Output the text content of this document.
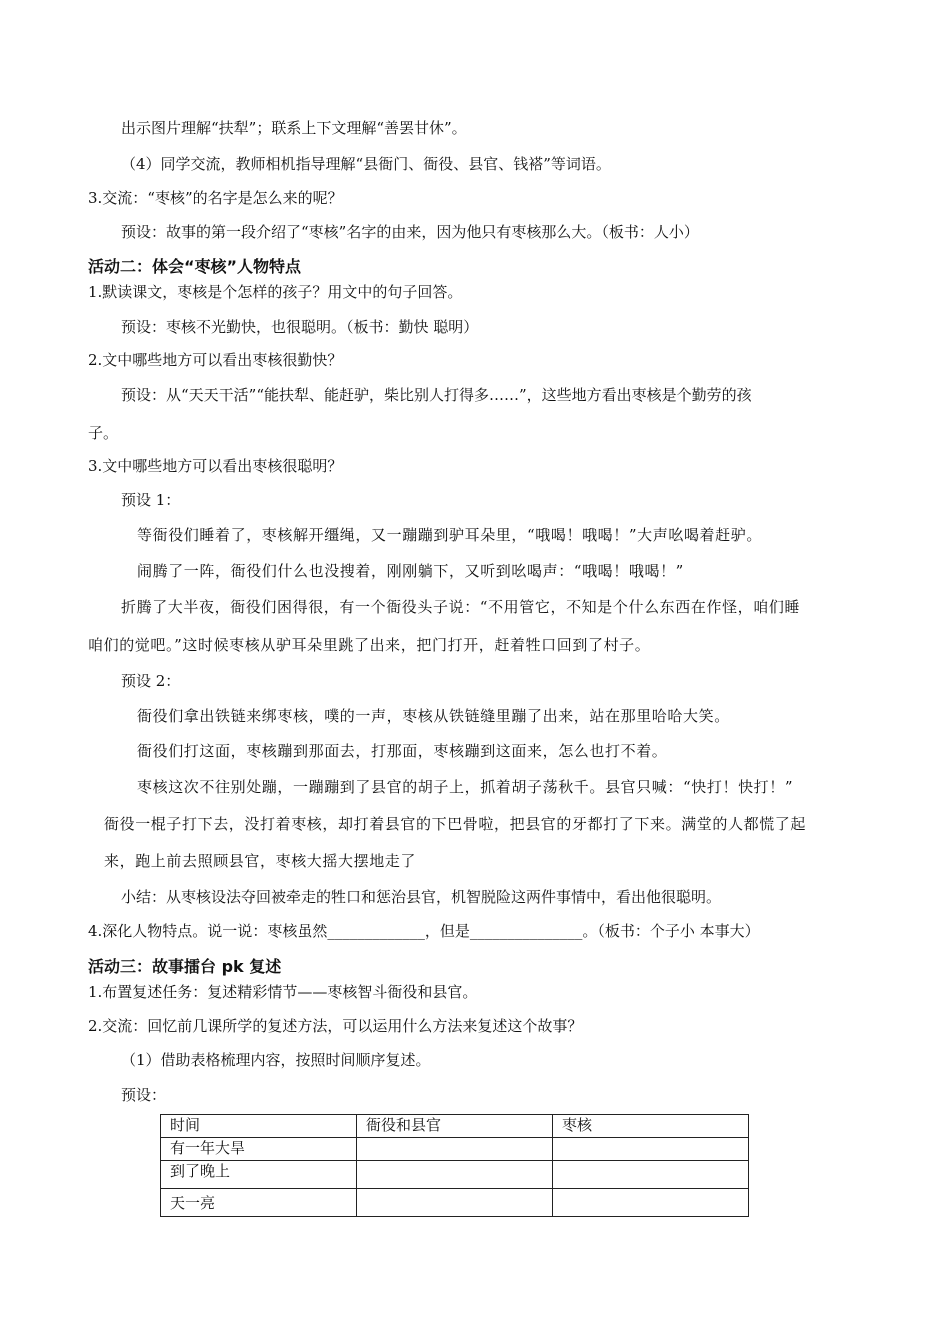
出示图片理解“扶犁”；联系上下文理解“善罢甘休”。
（4）同学交流，教师相机指导理解“县衙门、衙役、县官、钱褡”等词语。
3.交流：“枣核”的名字是怎么来的呢？
预设：故事的第一段介绍了“枣核”名字的由来，因为他只有枣核那么大。（板书：人小）
活动二：体会“枣核”人物特点
1.默读课文，枣核是个怎样的孩子？用文中的句子回答。
预设：枣核不光勤快，也很聪明。（板书：勤快 聪明）
2.文中哪些地方可以看出枣核很勤快？
预设：从“天天干活”“能扶犁、能赶驴，柴比别人打得多……”，这些地方看出枣核是个勤劳的孩
子。
3.文中哪些地方可以看出枣核很聪明？
预设 1：
等衙役们睡着了，枣核解开缰绳，又一蹦蹦到驴耳朵里，“哦喝！哦喝！”大声吆喝着赶驴。
闹腾了一阵，衙役们什么也没搜着，刚刚躺下，又听到吆喝声：“哦喝！哦喝！”
折腾了大半夜，衙役们困得很，有一个衙役头子说：“不用管它，不知是个什么东西在作怪，咱们睡
咱们的觉吧。”这时候枣核从驴耳朵里跳了出来，把门打开，赶着牲口回到了村子。
预设 2：
衙役们拿出铁链来绑枣核，噗的一声，枣核从铁链缝里蹦了出来，站在那里哈哈大笑。
衙役们打这面，枣核蹦到那面去，打那面，枣核蹦到这面来，怎么也打不着。
枣核这次不往别处蹦，一蹦蹦到了县官的胡子上，抓着胡子荡秋千。县官只喊：“快打！快打！”
衙役一棍子打下去，没打着枣核，却打着县官的下巴骨啦，把县官的牙都打了下来。满堂的人都慌了起
来，跑上前去照顾县官，枣核大摇大摆地走了
小结：从枣核设法夺回被牵走的牲口和惩治县官，机智脱险这两件事情中，看出他很聪明。
4.深化人物特点。说一说：枣核虽然_____________，但是_______________。（板书：个子小 本事大）
活动三：故事擂台 pk 复述
1.布置复述任务：复述精彩情节——枣核智斗衙役和县官。
2.交流：回忆前几课所学的复述方法，可以运用什么方法来复述这个故事？
（1）借助表格梳理内容，按照时间顺序复述。
预设：
时间	衙役和县官	枣核
有一年大旱		
到了晚上		
天一亮		
